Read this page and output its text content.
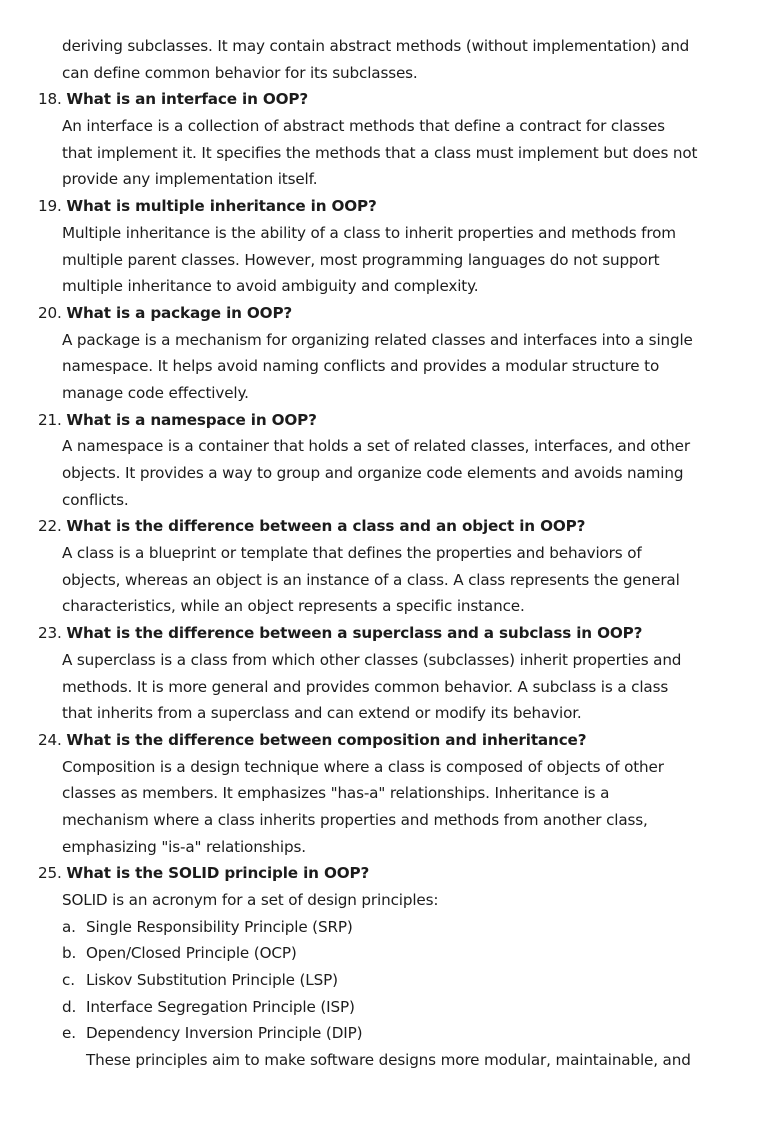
deriving subclasses. It may contain abstract methods (without implementation) and
can define common behavior for its subclasses.
18. What is an interface in OOP?
An interface is a collection of abstract methods that define a contract for classes
that implement it. It specifies the methods that a class must implement but does not
provide any implementation itself.
19. What is multiple inheritance in OOP?
Multiple inheritance is the ability of a class to inherit properties and methods from
multiple parent classes. However, most programming languages do not support
multiple inheritance to avoid ambiguity and complexity.
20. What is a package in OOP?
A package is a mechanism for organizing related classes and interfaces into a single
namespace. It helps avoid naming conflicts and provides a modular structure to
manage code effectively.
21. What is a namespace in OOP?
A namespace is a container that holds a set of related classes, interfaces, and other
objects. It provides a way to group and organize code elements and avoids naming
conflicts.
22. What is the difference between a class and an object in OOP?
A class is a blueprint or template that defines the properties and behaviors of
objects, whereas an object is an instance of a class. A class represents the general
characteristics, while an object represents a specific instance.
23. What is the difference between a superclass and a subclass in OOP?
A superclass is a class from which other classes (subclasses) inherit properties and
methods. It is more general and provides common behavior. A subclass is a class
that inherits from a superclass and can extend or modify its behavior.
24. What is the difference between composition and inheritance?
Composition is a design technique where a class is composed of objects of other
classes as members. It emphasizes "has-a" relationships. Inheritance is a
mechanism where a class inherits properties and methods from another class,
emphasizing "is-a" relationships.
25. What is the SOLID principle in OOP?
SOLID is an acronym for a set of design principles:
a. Single Responsibility Principle (SRP)
b. Open/Closed Principle (OCP)
c. Liskov Substitution Principle (LSP)
d. Interface Segregation Principle (ISP)
e. Dependency Inversion Principle (DIP)
These principles aim to make software designs more modular, maintainable, and
